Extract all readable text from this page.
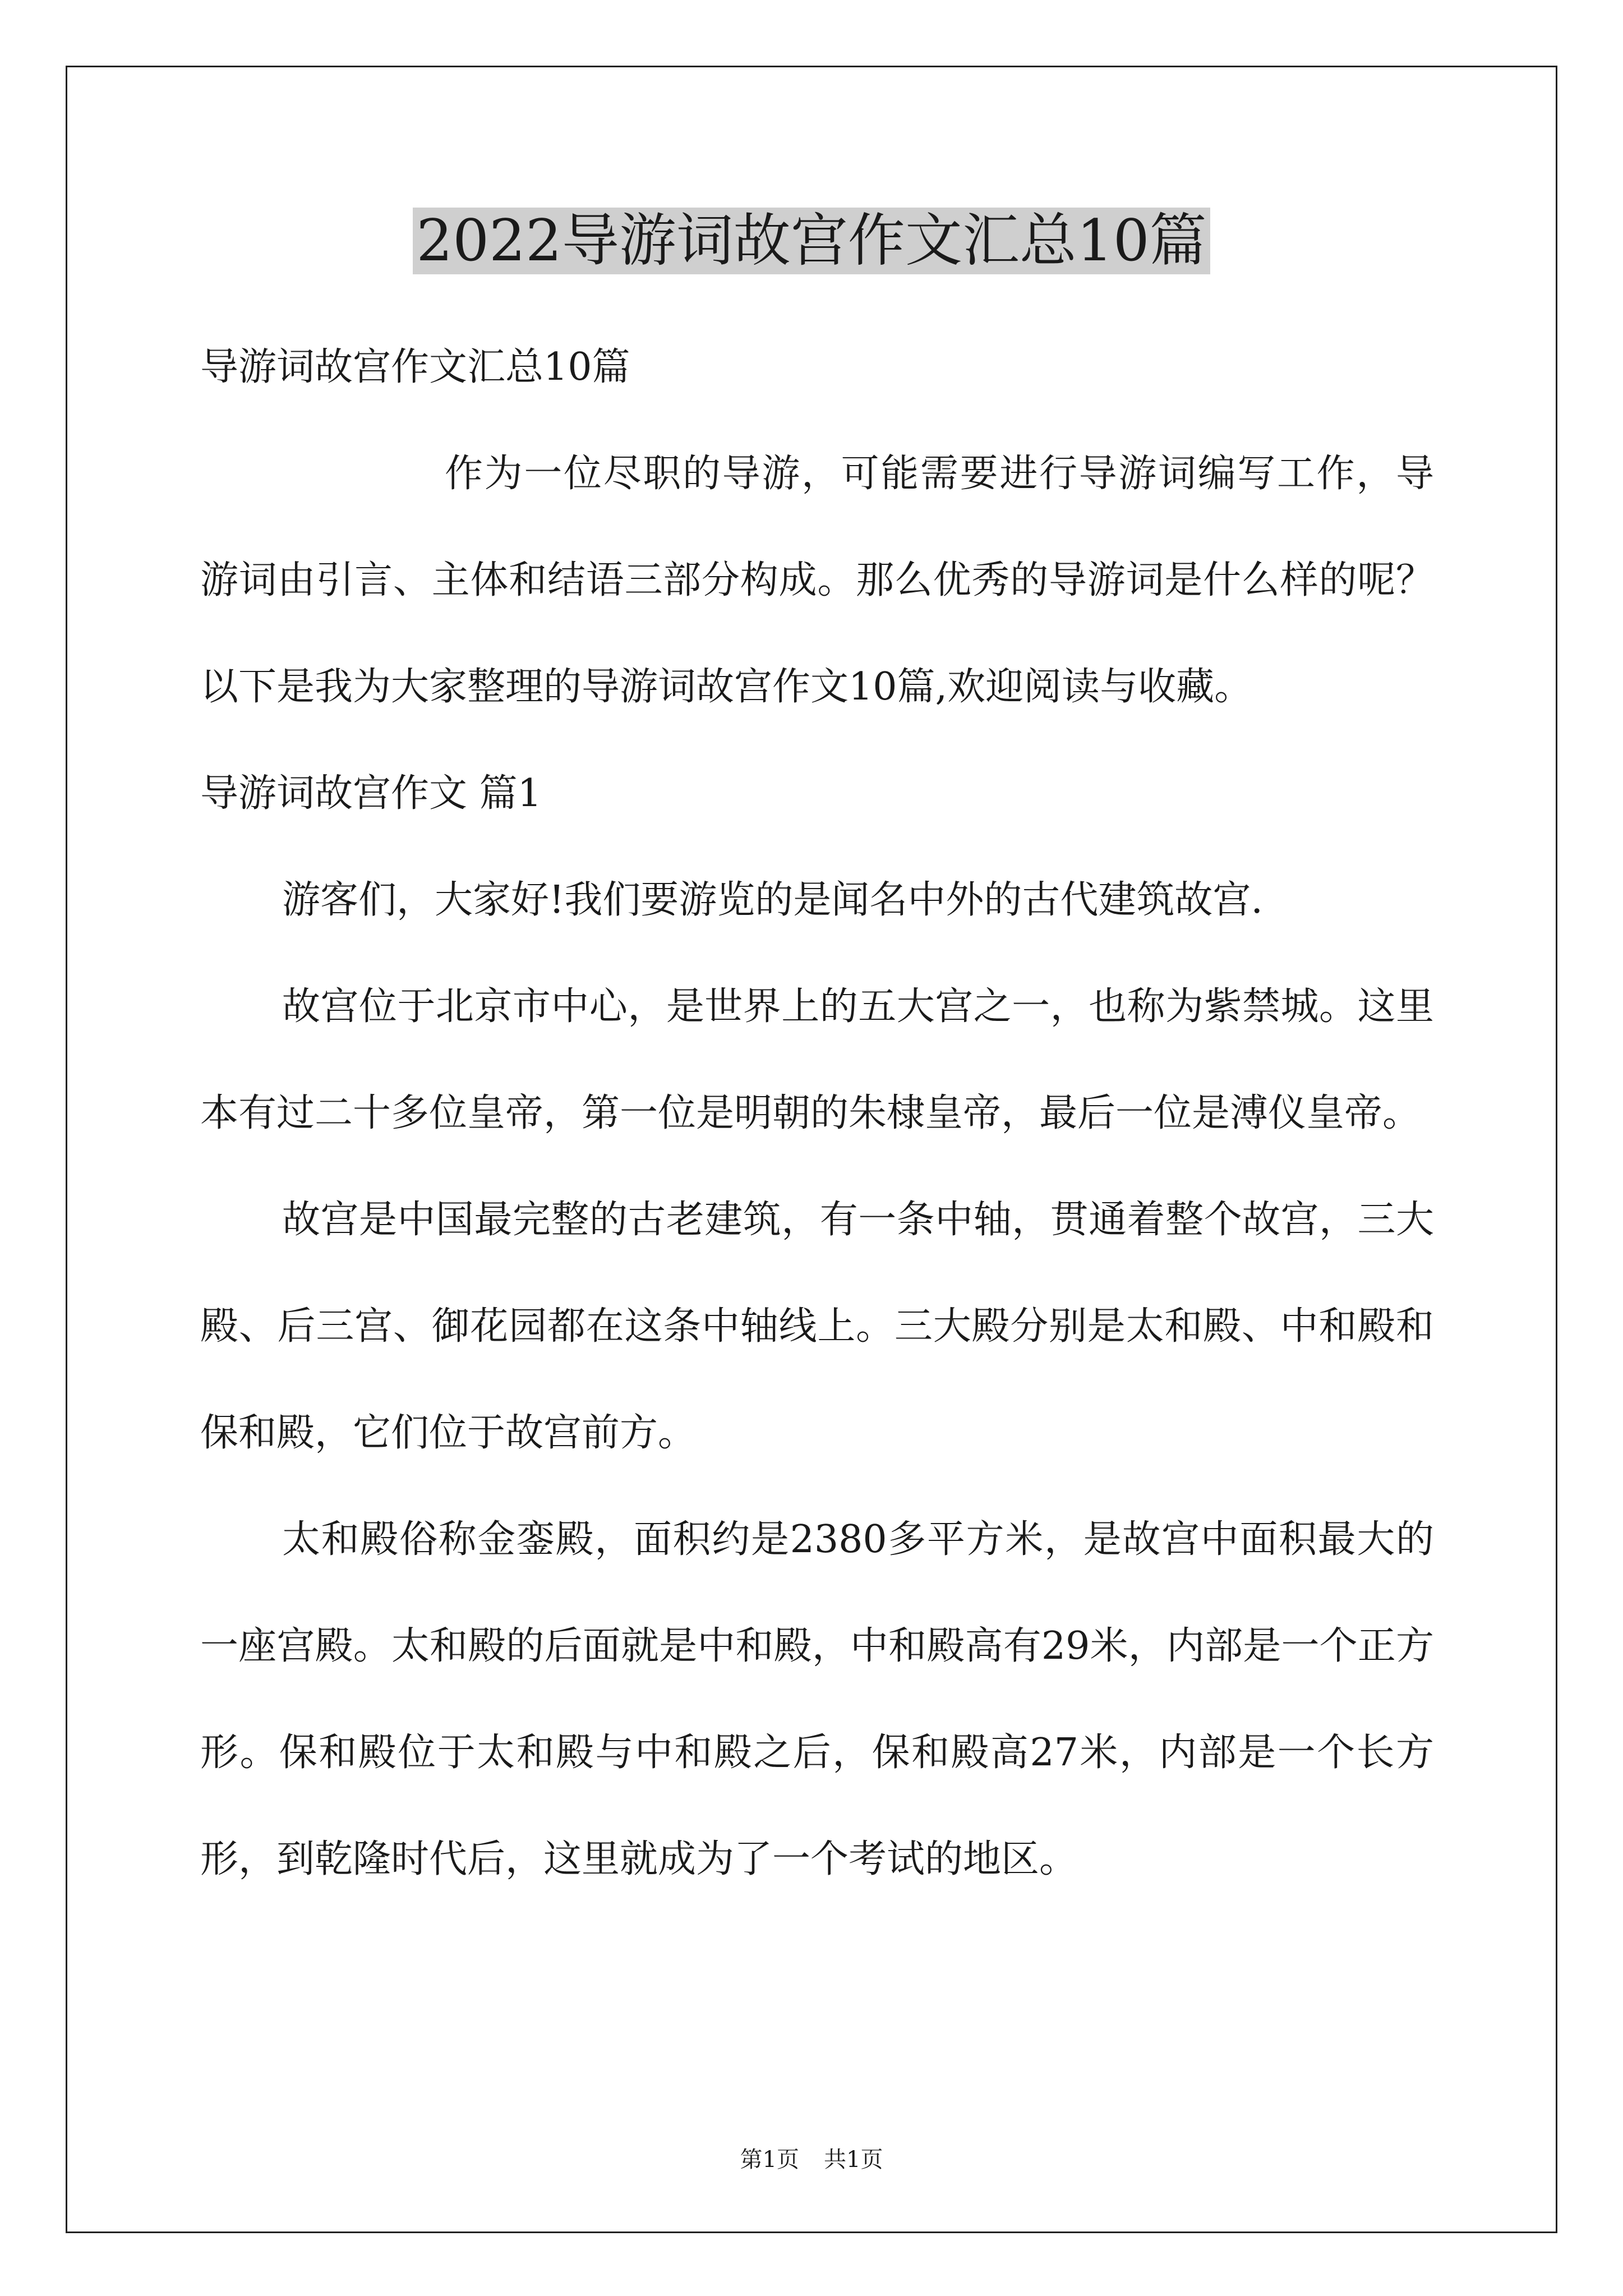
2022导游词故宫作文汇总10篇

导游词故宫作文汇总10篇

作为一位尽职的导游，可能需要进行导游词编写工作，导游词由引言、主体和结语三部分构成。那么优秀的导游词是什么样的呢？以下是我为大家整理的导游词故宫作文10篇,欢迎阅读与收藏。

导游词故宫作文 篇1

游客们，大家好!我们要游览的是闻名中外的古代建筑故宫.

故宫位于北京市中心，是世界上的五大宫之一，也称为紫禁城。这里本有过二十多位皇帝，第一位是明朝的朱棣皇帝，最后一位是溥仪皇帝。

故宫是中国最完整的古老建筑，有一条中轴，贯通着整个故宫，三大殿、后三宫、御花园都在这条中轴线上。三大殿分别是太和殿、中和殿和保和殿，它们位于故宫前方。

太和殿俗称金銮殿，面积约是2380多平方米，是故宫中面积最大的一座宫殿。太和殿的后面就是中和殿，中和殿高有29米，内部是一个正方形。保和殿位于太和殿与中和殿之后，保和殿高27米，内部是一个长方形，到乾隆时代后，这里就成为了一个考试的地区。

第1页 共1页
